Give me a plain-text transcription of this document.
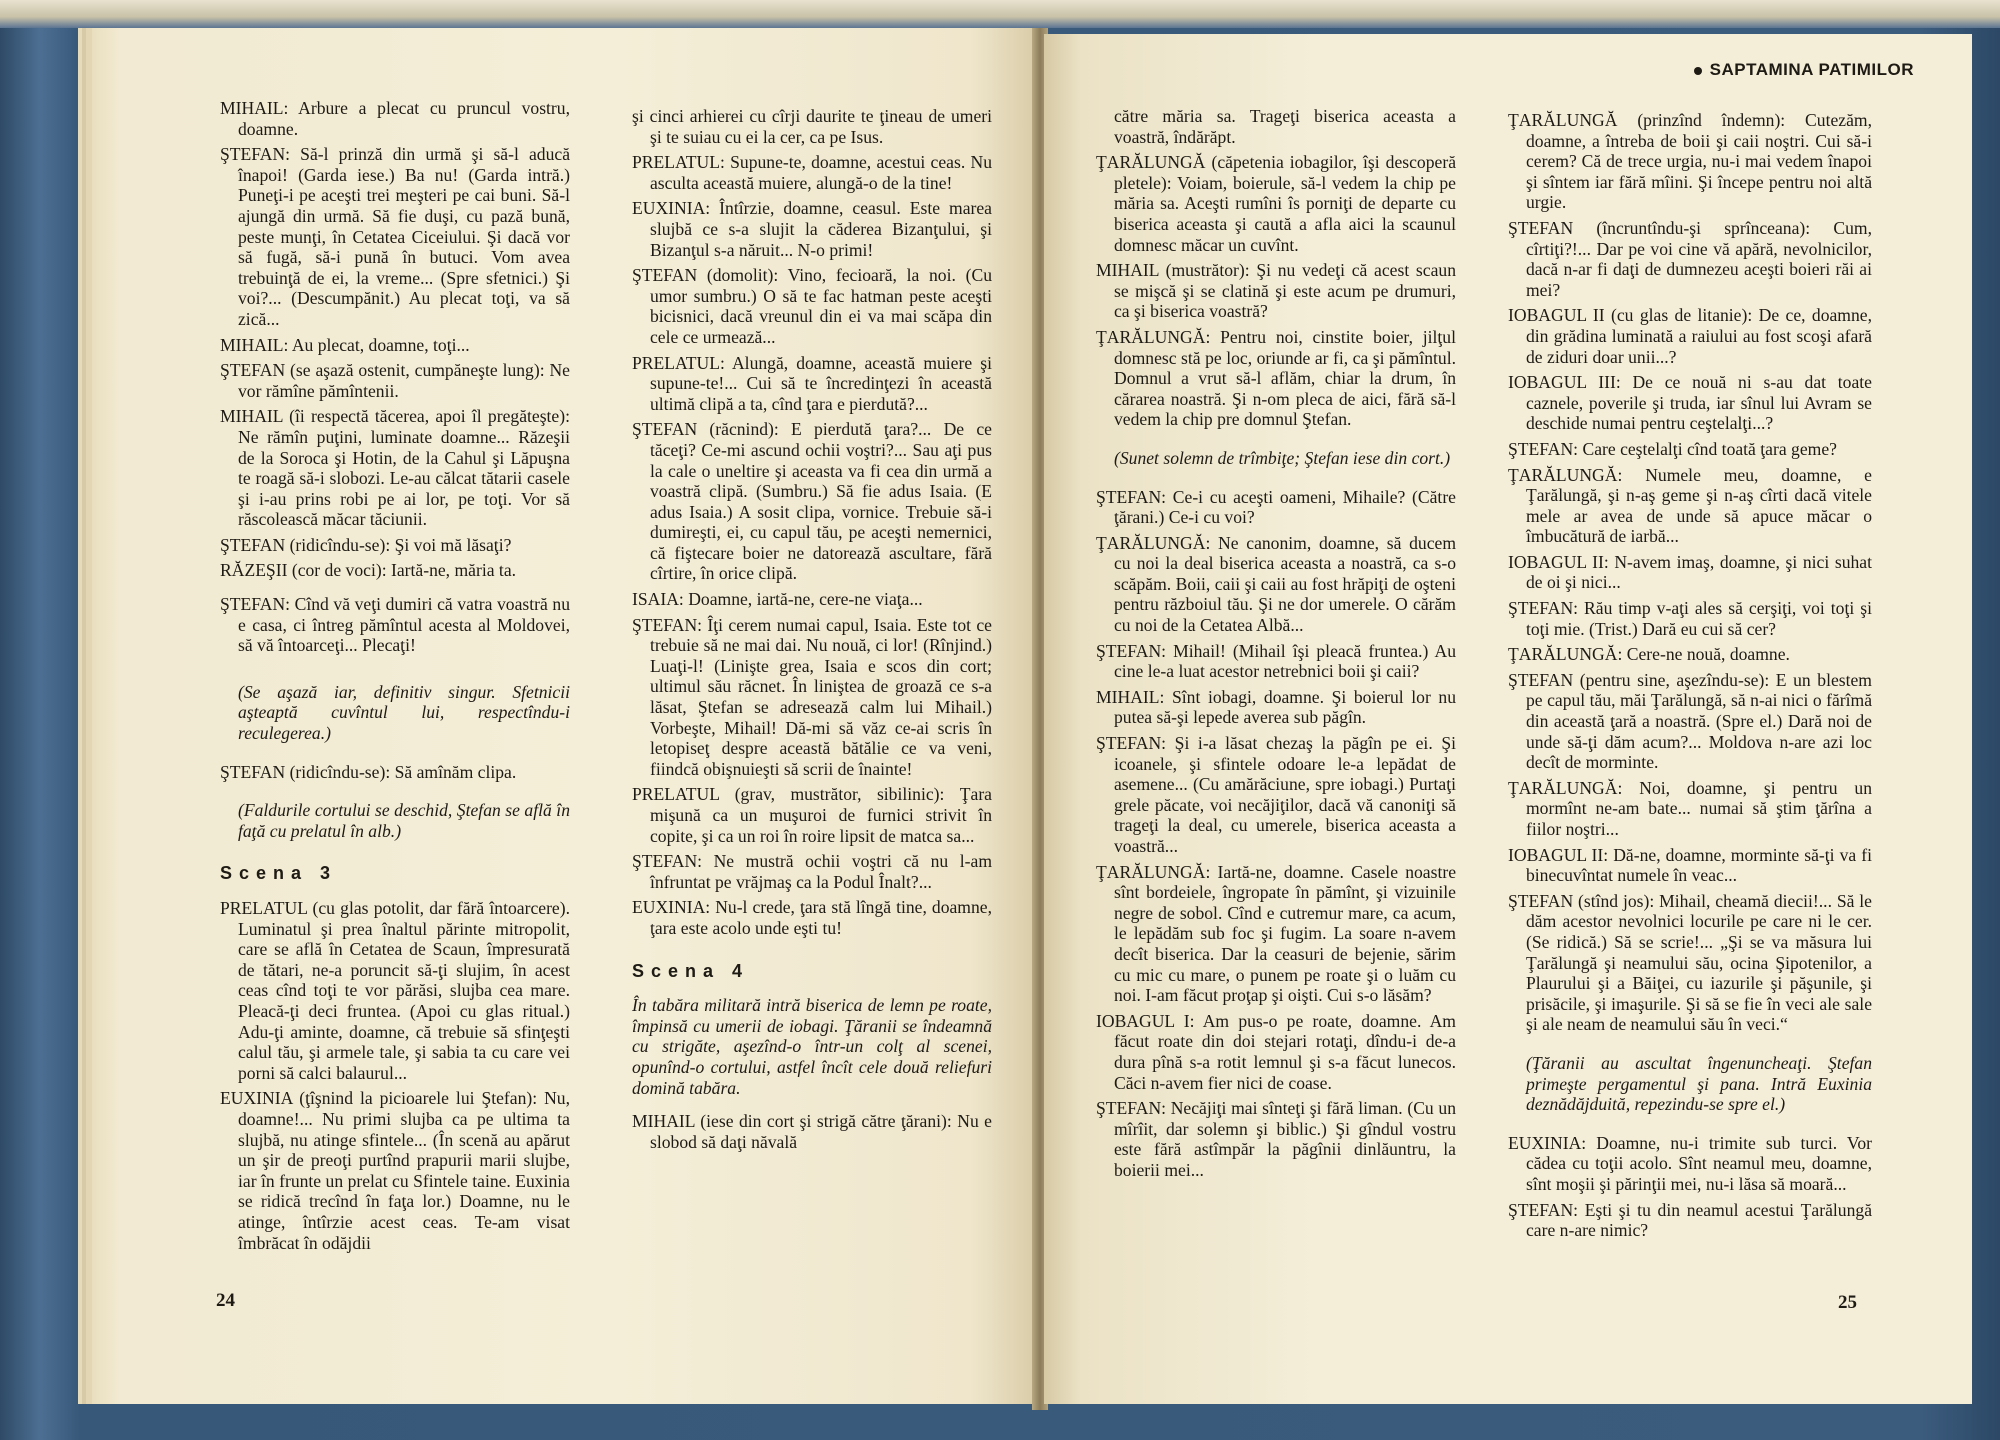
MIHAIL: Arbure a plecat cu pruncul vostru, doamne.

ŞTEFAN: Să-l prinză din urmă şi să-l aducă înapoi! (Garda iese.) Ba nu! (Garda intră.) Puneţi-i pe aceşti trei meşteri pe cai buni. Să-l ajungă din urmă. Să fie duşi, cu pază bună, peste munţi, în Cetatea Ciceiului. Şi dacă vor să fugă, să-i pună în butuci. Vom avea trebuinţă de ei, la vreme... (Spre sfetnici.) Şi voi?... (Descumpănit.) Au plecat toţi, va să zică...

MIHAIL: Au plecat, doamne, toţi...

ŞTEFAN (se aşază ostenit, cumpăneşte lung): Ne vor rămîne pămîntenii.

MIHAIL (îi respectă tăcerea, apoi îl pregăteşte): Ne rămîn puţini, luminate doamne... Răzeşii de la Soroca şi Hotin, de la Cahul şi Lăpuşna te roagă să-i slobozi. Le-au călcat tătarii casele şi i-au prins robi pe ai lor, pe toţi. Vor să răscolească măcar tăciunii.

ŞTEFAN (ridicîndu-se): Şi voi mă lăsaţi?

RĂZEŞII (cor de voci): Iartă-ne, măria ta.

ŞTEFAN: Cînd vă veţi dumiri că vatra voastră nu e casa, ci întreg pămîntul acesta al Moldovei, să vă întoarceţi... Plecaţi!

(Se aşază iar, definitiv singur. Sfetnicii aşteaptă cuvîntul lui, respectîndu-i reculegerea.)

ŞTEFAN (ridicîndu-se): Să amînăm clipa.

(Faldurile cortului se deschid, Ştefan se află în faţă cu prelatul în alb.)

Scena 3

PRELATUL (cu glas potolit, dar fără întoarcere). Luminatul şi prea înaltul părinte mitropolit, care se află în Cetatea de Scaun, împresurată de tătari, ne-a poruncit să-ţi slujim, în acest ceas cînd toţi te vor părăsi, slujba cea mare. Pleacă-ţi deci fruntea. (Apoi cu glas ritual.) Adu-ţi aminte, doamne, că trebuie să sfinţeşti calul tău, şi armele tale, şi sabia ta cu care vei porni să calci balaurul...

EUXINIA (ţîşnind la picioarele lui Ştefan): Nu, doamne!... Nu primi slujba ca pe ultima ta slujbă, nu atinge sfintele... (În scenă au apărut un şir de preoţi purtînd prapurii marii slujbe, iar în frunte un prelat cu Sfintele taine. Euxinia se ridică trecînd în faţa lor.) Doamne, nu le atinge, întîrzie acest ceas. Te-am visat îmbrăcat în odăjdii

şi cinci arhierei cu cîrji daurite te ţineau de umeri şi te suiau cu ei la cer, ca pe Isus.

PRELATUL: Supune-te, doamne, acestui ceas. Nu asculta această muiere, alungă-o de la tine!

EUXINIA: Întîrzie, doamne, ceasul. Este marea slujbă ce s-a slujit la căderea Bizanţului, şi Bizanţul s-a năruit... N-o primi!

ŞTEFAN (domolit): Vino, fecioară, la noi. (Cu umor sumbru.) O să te fac hatman peste aceşti bicisnici, dacă vreunul din ei va mai scăpa din cele ce urmează...

PRELATUL: Alungă, doamne, această muiere şi supune-te!... Cui să te încredinţezi în această ultimă clipă a ta, cînd ţara e pierdută?...

ŞTEFAN (răcnind): E pierdută ţara?... De ce tăceţi? Ce-mi ascund ochii voştri?... Sau aţi pus la cale o uneltire şi aceasta va fi cea din urmă a voastră clipă. (Sumbru.) Să fie adus Isaia. (E adus Isaia.) A sosit clipa, vornice. Trebuie să-i dumireşti, ei, cu capul tău, pe aceşti nemernici, că fiştecare boier ne datorează ascultare, fără cîrtire, în orice clipă.

ISAIA: Doamne, iartă-ne, cere-ne viaţa...

ŞTEFAN: Îţi cerem numai capul, Isaia. Este tot ce trebuie să ne mai dai. Nu nouă, ci lor! (Rînjind.) Luaţi-l! (Linişte grea, Isaia e scos din cort; ultimul său răcnet. În liniştea de groază ce s-a lăsat, Ştefan se adresează calm lui Mihail.) Vorbeşte, Mihail! Dă-mi să văz ce-ai scris în letopiseţ despre această bătălie ce va veni, fiindcă obişnuieşti să scrii de înainte!

PRELATUL (grav, mustrător, sibilinic): Ţara mişună ca un muşuroi de furnici strivit în copite, şi ca un roi în roire lipsit de matca sa...

ŞTEFAN: Ne mustră ochii voştri că nu l-am înfruntat pe vrăjmaş ca la Podul Înalt?...

EUXINIA: Nu-l crede, ţara stă lîngă tine, doamne, ţara este acolo unde eşti tu!

Scena 4

În tabăra militară intră biserica de lemn pe roate, împinsă cu umerii de iobagi. Ţăranii se îndeamnă cu strigăte, aşezînd-o într-un colţ al scenei, opunînd-o cortului, astfel încît cele două reliefuri domină tabăra.

MIHAIL (iese din cort şi strigă către ţărani): Nu e slobod să daţi năvală

24
SAPTAMINA PATIMILOR

către măria sa. Trageţi biserica aceasta a voastră, îndărăpt.

ŢARĂLUNGĂ (căpetenia iobagilor, îşi descoperă pletele): Voiam, boierule, să-l vedem la chip pe măria sa. Aceşti rumîni îs porniţi de departe cu biserica aceasta şi caută a afla aici la scaunul domnesc măcar un cuvînt.

MIHAIL (mustrător): Şi nu vedeţi că acest scaun se mişcă şi se clatină şi este acum pe drumuri, ca şi biserica voastră?

ŢARĂLUNGĂ: Pentru noi, cinstite boier, jilţul domnesc stă pe loc, oriunde ar fi, ca şi pămîntul. Domnul a vrut să-l aflăm, chiar la drum, în cărarea noastră. Şi n-om pleca de aici, fără să-l vedem la chip pre domnul Ştefan.

(Sunet solemn de trîmbiţe; Ştefan iese din cort.)

ŞTEFAN: Ce-i cu aceşti oameni, Mihaile? (Către ţărani.) Ce-i cu voi?

ŢARĂLUNGĂ: Ne canonim, doamne, să ducem cu noi la deal biserica aceasta a noastră, ca s-o scăpăm. Boii, caii şi caii au fost hrăpiţi de oşteni pentru războiul tău. Şi ne dor umerele. O cărăm cu noi de la Cetatea Albă...

ŞTEFAN: Mihail! (Mihail îşi pleacă fruntea.) Au cine le-a luat acestor netrebnici boii şi caii?

MIHAIL: Sînt iobagi, doamne. Şi boierul lor nu putea să-şi lepede averea sub păgîn.

ŞTEFAN: Şi i-a lăsat chezaş la păgîn pe ei. Şi icoanele, şi sfintele odoare le-a lepădat de asemene... (Cu amărăciune, spre iobagi.) Purtaţi grele păcate, voi necăjiţilor, dacă vă canoniţi să trageţi la deal, cu umerele, biserica aceasta a voastră...

ŢARĂLUNGĂ: Iartă-ne, doamne. Casele noastre sînt bordeiele, îngropate în pămînt, şi vizuinile negre de sobol. Cînd e cutremur mare, ca acum, le lepădăm sub foc şi fugim. La soare n-avem decît biserica. Dar la ceasuri de bejenie, sărim cu mic cu mare, o punem pe roate şi o luăm cu noi. I-am făcut proţap şi oişti. Cui s-o lăsăm?

IOBAGUL I: Am pus-o pe roate, doamne. Am făcut roate din doi stejari rotaţi, dîndu-i de-a dura pînă s-a rotit lemnul şi s-a făcut lunecos. Căci n-avem fier nici de coase.

ŞTEFAN: Necăjiţi mai sînteţi şi fără liman. (Cu un mîrîit, dar solemn şi biblic.) Şi gîndul vostru este fără astîmpăr la păgînii dinlăuntru, la boierii mei...

ŢARĂLUNGĂ (prinzînd îndemn): Cutezăm, doamne, a întreba de boii şi caii noştri. Cui să-i cerem? Că de trece urgia, nu-i mai vedem înapoi şi sîntem iar fără mîini. Şi începe pentru noi altă urgie.

ŞTEFAN (încruntîndu-şi sprînceana): Cum, cîrtiţi?!... Dar pe voi cine vă apără, nevolnicilor, dacă n-ar fi daţi de dumnezeu aceşti boieri răi ai mei?

IOBAGUL II (cu glas de litanie): De ce, doamne, din grădina luminată a raiului au fost scoşi afară de ziduri doar unii...?

IOBAGUL III: De ce nouă ni s-au dat toate caznele, poverile şi truda, iar sînul lui Avram se deschide numai pentru ceştelalţi...?

ŞTEFAN: Care ceştelalţi cînd toată ţara geme?

ŢARĂLUNGĂ: Numele meu, doamne, e Ţarălungă, şi n-aş geme şi n-aş cîrti dacă vitele mele ar avea de unde să apuce măcar o îmbucătură de iarbă...

IOBAGUL II: N-avem imaş, doamne, şi nici suhat de oi şi nici...

ŞTEFAN: Rău timp v-aţi ales să cerşiţi, voi toţi şi toţi mie. (Trist.) Dară eu cui să cer?

ŢARĂLUNGĂ: Cere-ne nouă, doamne.

ŞTEFAN (pentru sine, aşezîndu-se): E un blestem pe capul tău, măi Ţarălungă, să n-ai nici o fărîmă din această ţară a noastră. (Spre el.) Dară noi de unde să-ţi dăm acum?... Moldova n-are azi loc decît de morminte.

ŢARĂLUNGĂ: Noi, doamne, şi pentru un mormînt ne-am bate... numai să ştim ţărîna a fiilor noştri...

IOBAGUL II: Dă-ne, doamne, morminte să-ţi va fi binecuvîntat numele în veac...

ŞTEFAN (stînd jos): Mihail, cheamă diecii!... Să le dăm acestor nevolnici locurile pe care ni le cer. (Se ridică.) Să se scrie!... „Şi se va măsura lui Ţarălungă şi neamului său, ocina Şipotenilor, a Plaurului şi a Băiţei, cu iazurile şi păşunile, şi prisăcile, şi imaşurile. Şi să se fie în veci ale sale şi ale neam de neamului său în veci.“

(Ţăranii au ascultat îngenuncheaţi. Ştefan primeşte pergamentul şi pana. Intră Euxinia deznădăjduită, repezindu-se spre el.)

EUXINIA: Doamne, nu-i trimite sub turci. Vor cădea cu toţii acolo. Sînt neamul meu, doamne, sînt moşii şi părinţii mei, nu-i lăsa să moară...

ŞTEFAN: Eşti şi tu din neamul acestui Ţarălungă care n-are nimic?

25
